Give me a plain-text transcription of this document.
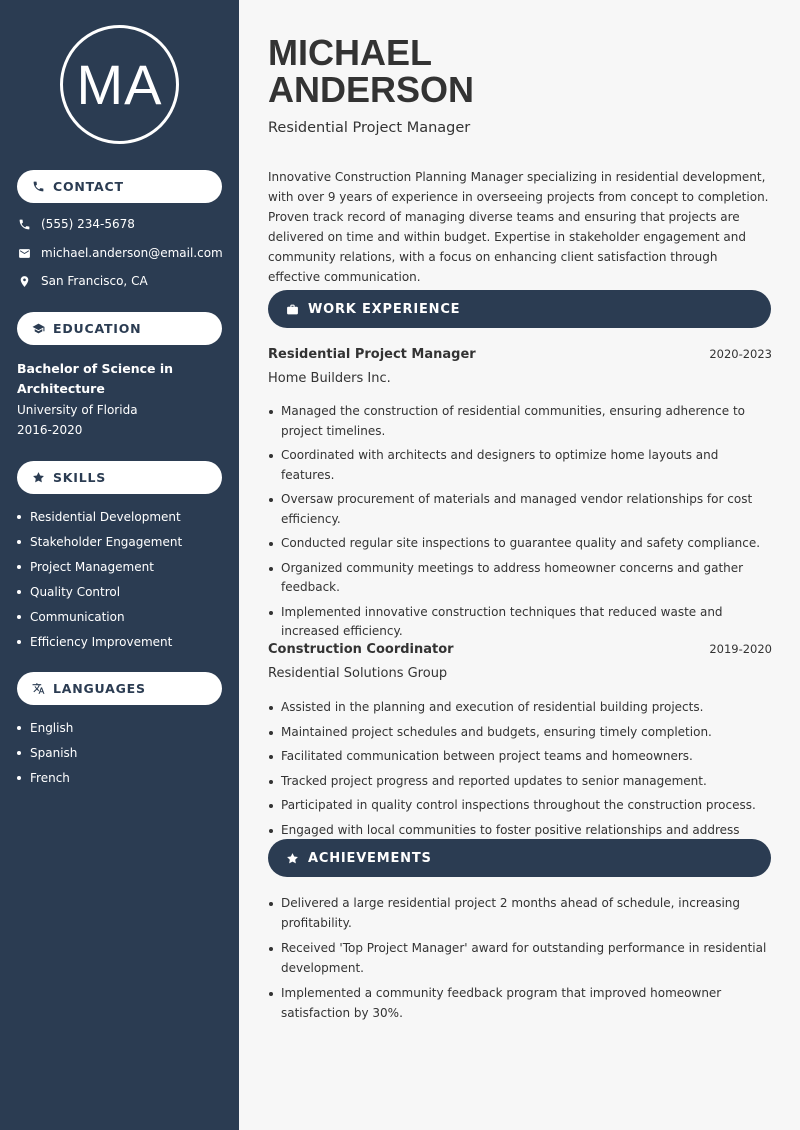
MA
CONTACT
(555) 234-5678
michael.anderson@email.com
San Francisco, CA
EDUCATION
Bachelor of Science in Architecture
University of Florida
2016-2020
SKILLS
Residential Development
Stakeholder Engagement
Project Management
Quality Control
Communication
Efficiency Improvement
LANGUAGES
English
Spanish
French
MICHAEL
ANDERSON
Residential Project Manager

Innovative Construction Planning Manager specializing in residential development, with over 9 years of experience in overseeing projects from concept to completion. Proven track record of managing diverse teams and ensuring that projects are delivered on time and within budget. Expertise in stakeholder engagement and community relations, with a focus on enhancing client satisfaction through effective communication.

WORK EXPERIENCE
Residential Project Manager	2020-2023
Home Builders Inc.
Managed the construction of residential communities, ensuring adherence to project timelines.
Coordinated with architects and designers to optimize home layouts and features.
Oversaw procurement of materials and managed vendor relationships for cost efficiency.
Conducted regular site inspections to guarantee quality and safety compliance.
Organized community meetings to address homeowner concerns and gather feedback.
Implemented innovative construction techniques that reduced waste and increased efficiency.
Construction Coordinator	2019-2020
Residential Solutions Group
Assisted in the planning and execution of residential building projects.
Maintained project schedules and budgets, ensuring timely completion.
Facilitated communication between project teams and homeowners.
Tracked project progress and reported updates to senior management.
Participated in quality control inspections throughout the construction process.
Engaged with local communities to foster positive relationships and address
ACHIEVEMENTS
Delivered a large residential project 2 months ahead of schedule, increasing profitability.
Received 'Top Project Manager' award for outstanding performance in residential development.
Implemented a community feedback program that improved homeowner satisfaction by 30%.
